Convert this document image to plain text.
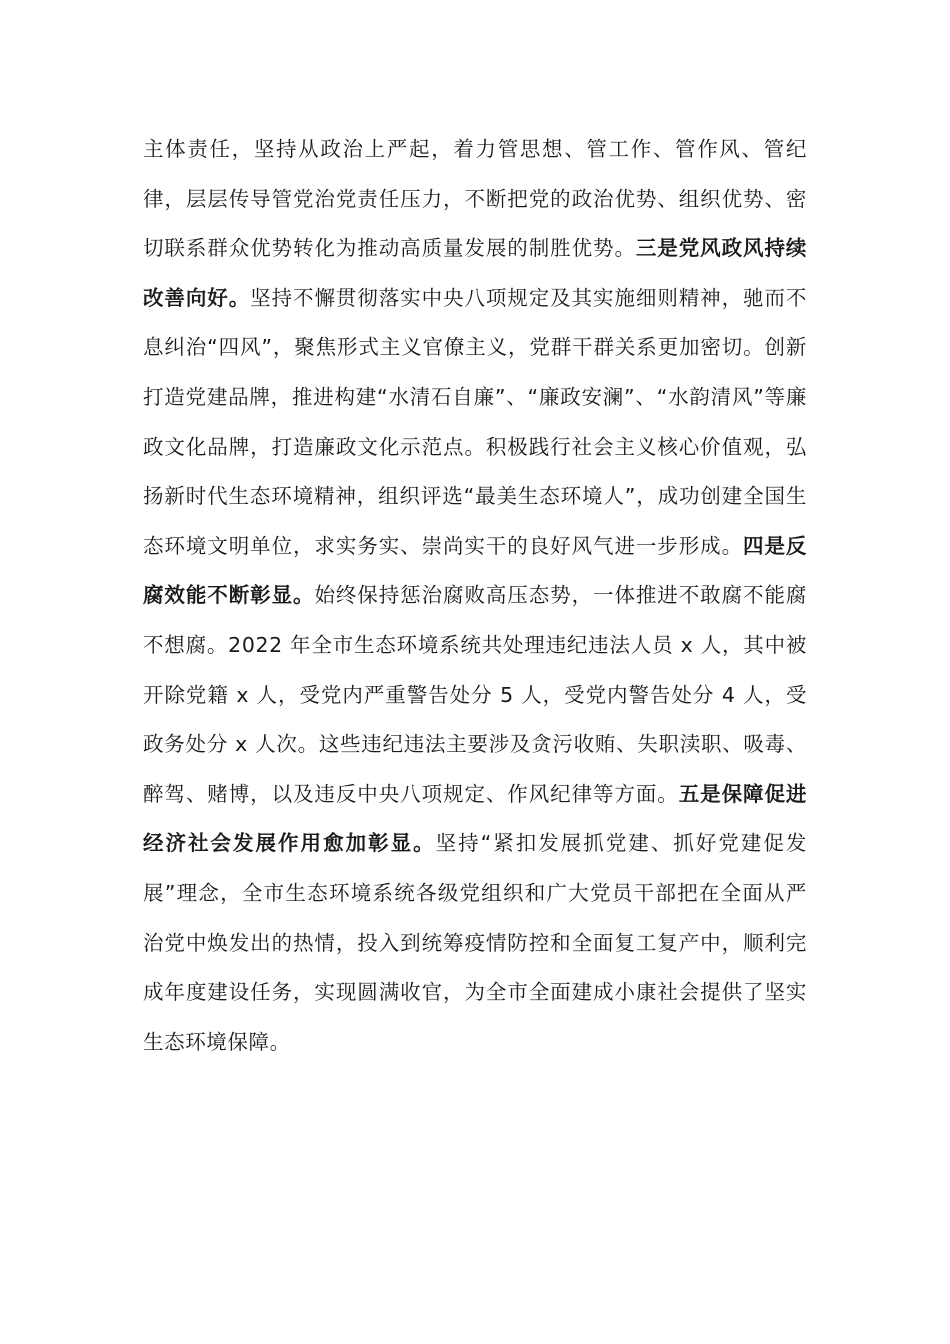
主体责任，坚持从政治上严起，着力管思想、管工作、管作风、管纪律，层层传导管党治党责任压力，不断把党的政治优势、组织优势、密切联系群众优势转化为推动高质量发展的制胜优势。三是党风政风持续改善向好。坚持不懈贯彻落实中央八项规定及其实施细则精神，驰而不息纠治“四风”，聚焦形式主义官僚主义，党群干群关系更加密切。创新打造党建品牌，推进构建“水清石自廉”、“廉政安澜”、“水韵清风”等廉政文化品牌，打造廉政文化示范点。积极践行社会主义核心价值观，弘扬新时代生态环境精神，组织评选“最美生态环境人”，成功创建全国生态环境文明单位，求实务实、崇尚实干的良好风气进一步形成。四是反腐效能不断彰显。始终保持惩治腐败高压态势，一体推进不敢腐不能腐不想腐。2022 年全市生态环境系统共处理违纪违法人员 x 人，其中被开除党籍 x 人，受党内严重警告处分 5 人，受党内警告处分 4 人，受政务处分 x 人次。这些违纪违法主要涉及贪污收贿、失职渎职、吸毒、醉驾、赌博，以及违反中央八项规定、作风纪律等方面。五是保障促进经济社会发展作用愈加彰显。坚持“紧扣发展抓党建、抓好党建促发展”理念，全市生态环境系统各级党组织和广大党员干部把在全面从严治党中焕发出的热情，投入到统筹疫情防控和全面复工复产中，顺利完成年度建设任务，实现圆满收官，为全市全面建成小康社会提供了坚实生态环境保障。
